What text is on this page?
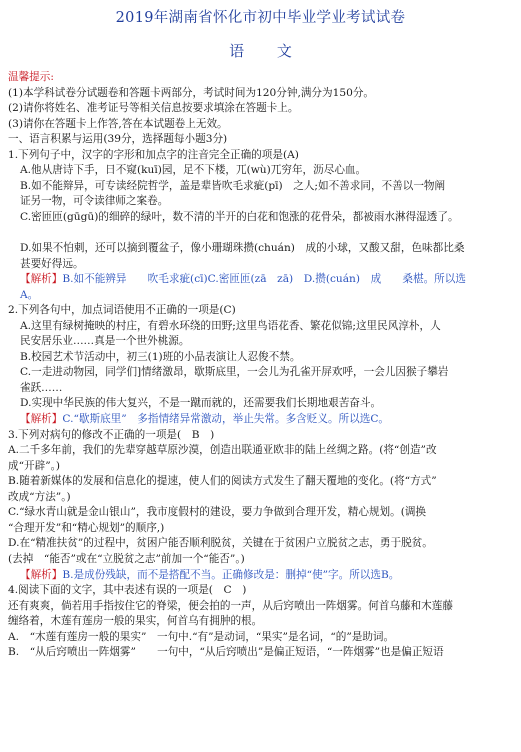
2019年湖南省怀化市初中毕业学业考试试卷
语 文
温馨提示:
(1)本学科试卷分试题卷和答题卡两部分，考试时间为120分钟,满分为150分。
(2)请你将姓名、准考证号等相关信息按要求填涂在答题卡上。
(3)请你在答题卡上作答,答在本试题卷上无效。
一、语言积累与运用(39分，选择题每小题3分)
1.下列句子中，汉字的字形和加点字的注音完全正确的项是(A)
A.他从唐诗下手，日不窥(kuī)园，足不下楼，兀(wù)兀穷年，沥尽心血。
B.如不能辩异，可专读经院哲学，盖是辈皆吹毛求疵(pī)　之人;如不善求同，不善以一物阐
证另一物，可令读律师之案卷。
C.密匝匝(gūgū)的细碎的绿叶，数不清的半开的白花和饱涨的花骨朵，都被雨水淋得湿透了。
D.如果不怕刺，还可以摘到覆盆子，像小珊瑚珠攒(chuán)　成的小球，又酸又甜，色味都比桑
甚要好得远。
【解析】B.如不能辨异　　吹毛求疵(cī)C.密匝匝(zā　zā)　D.攒(cuán)　成　　桑椹。所以选
A。
2.下列各句中，加点词语使用不正确的一项是(C)
A.这里有绿树掩映的村庄，有碧水环绕的田野;这里鸟语花香、繁花似锦;这里民风淳朴，人
民安居乐业……真是一个世外桃源。
B.校园艺术节活动中，初三(1)班的小品表演让人忍俊不禁。
C.一走进动物园，同学们]情绪激昂，歇斯底里，一会儿为孔雀开屏欢呼，一会儿因猴子攀岩
雀跃……
D.实现中华民族的伟大复兴，不是一蹴而就的，还需要我们长期地艰苦奋斗。
【解析】C.“歇斯底里”　多指情绪异常激动，举止失常。多含贬义。所以选C。
3.下列对病句的修改不正确的一项是(　B　)
A.二千多年前，我们的先辈穿越草原沙漠，创造出联通亚欧非的陆上丝绸之路。(将“创造”改
成“开辟”。)
B.随着新媒体的发展和信息化的提速，使人们的阅读方式发生了翻天覆地的变化。(将“方式”
改成“方法”。)
C.“绿水青山就是金山银山”，我市度假村的建设，要力争做到合理开发，精心规划。(调换
“合理开发”和“精心规划”的顺序,)
D.在“精准扶贫”的过程中，贫困户能否顺利脱贫，关键在于贫困户立脱贫之志，勇于脱贫。
(去掉　“能否”或在“立脱贫之志”前加一个“能否”。)
【解析】B.是成份残缺，而不是搭配不当。正确修改是：删掉“使”字。所以选B。
4.阅读下面的文字，其中表述有误的一项是(　C　)
还有爽爽，倘若用手指按住它的脊梁，便会拍的一声，从后窍喷出一阵烟雾。何首乌藤和木莲藤
缠络着，木莲有莲房一般的果实，何首乌有拥肿的根。
A.　“木莲有莲房一般的果实”　一句中.“有”是动词，“果实”是名词，“的”是助词。
B.　“从后窍喷出一阵烟雾”　　一句中，“从后窍喷出”是偏正短语，“一阵烟雾”也是偏正短语
